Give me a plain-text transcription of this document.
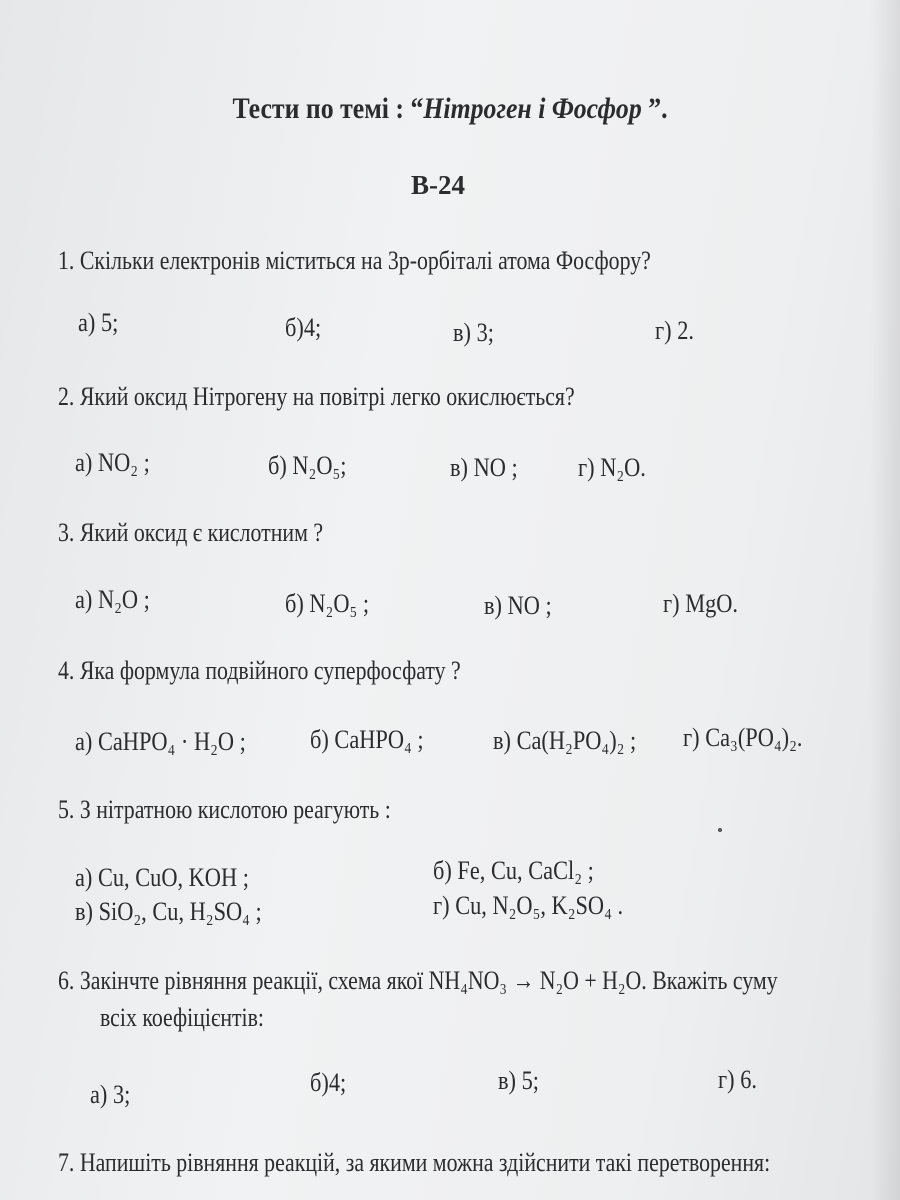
Тести по темі : “Нітроген і Фосфор ”.
В-24
1. Скільки електронів міститься на 3р-орбіталі атома Фосфору?
а) 5;	б)4;	в) 3;	г) 2.
2. Який оксид Нітрогену на повітрі легко окислюється?
а) NO₂ ;	б) N₂O₅;	в) NO ; г) N₂O.
3. Який оксид є кислотним ?
а) N₂O ;	б) N₂O₅ ;	в) NO ;	г) MgO.
4. Яка формула подвійного суперфосфату ?
а) CaHPO₄ · H₂O ; б) CaHPO₄ ;	в) Ca(H₂PO₄)₂ ; г) Ca₃(PO₄)₂.
5. З нітратною кислотою реагують :
а) Cu, CuO, KOH ;	б) Fe, Cu, CaCl₂ ;
в) SiO₂, Cu, H₂SO₄ ;	г) Cu, N₂O₅, K₂SO₄ .
6. Закінчте рівняння реакції, схема якої NH₄NO₃ → N₂O + H₂O. Вкажіть суму
всіх коефіцієнтів:
а) 3;	б)4;	в) 5;	г) 6.
7. Напишіть рівняння реакцій, за якими можна здійснити такі перетворення:
